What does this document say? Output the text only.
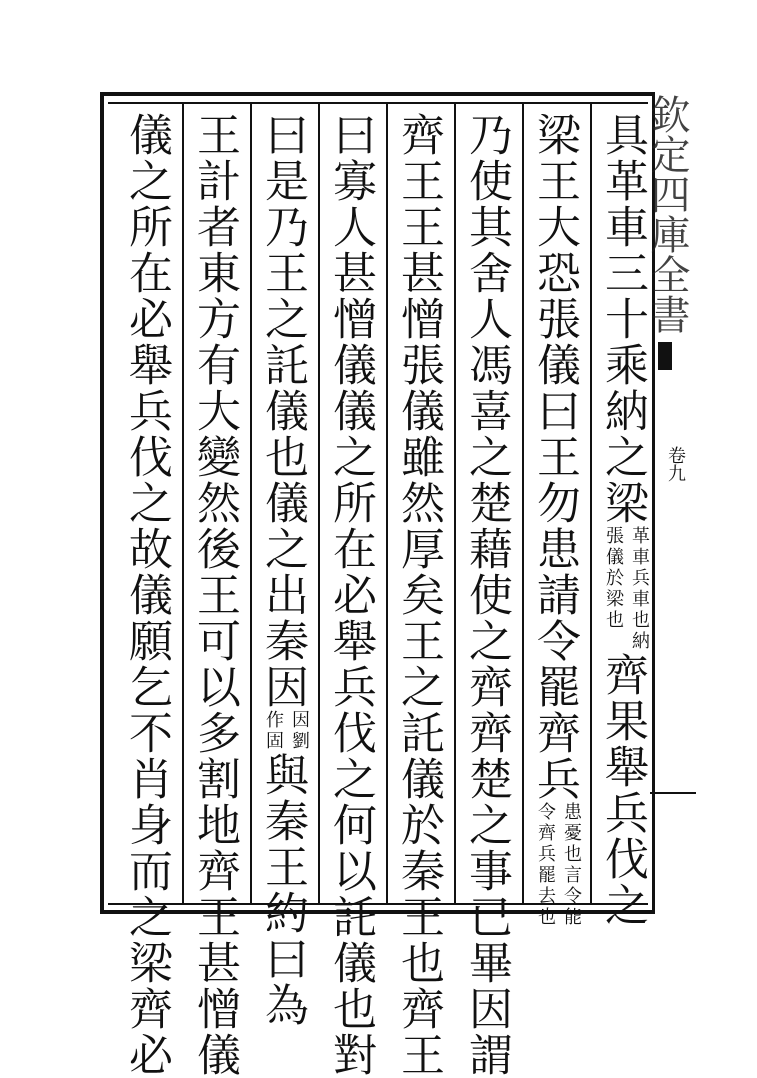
欽定四庫全書
卷九
具革車三十乘納之梁
革車兵車也納
張儀於梁也
齊果舉兵伐之
梁王大恐張儀曰王勿患請令罷齊兵
患憂也言令能
令齊兵罷去也
乃使其舍人馮喜之楚藉使之齊齊楚之事已畢因謂
齊王王甚憎張儀雖然厚矣王之託儀於秦王也齊王
曰寡人甚憎儀儀之所在必舉兵伐之何以託儀也對
曰是乃王之託儀也儀之出秦因
因劉
作固
與秦王約曰為
王計者東方有大變然後王可以多割地齊王甚憎儀
儀之所在必舉兵伐之故儀願乞不肖身而之梁齊必
